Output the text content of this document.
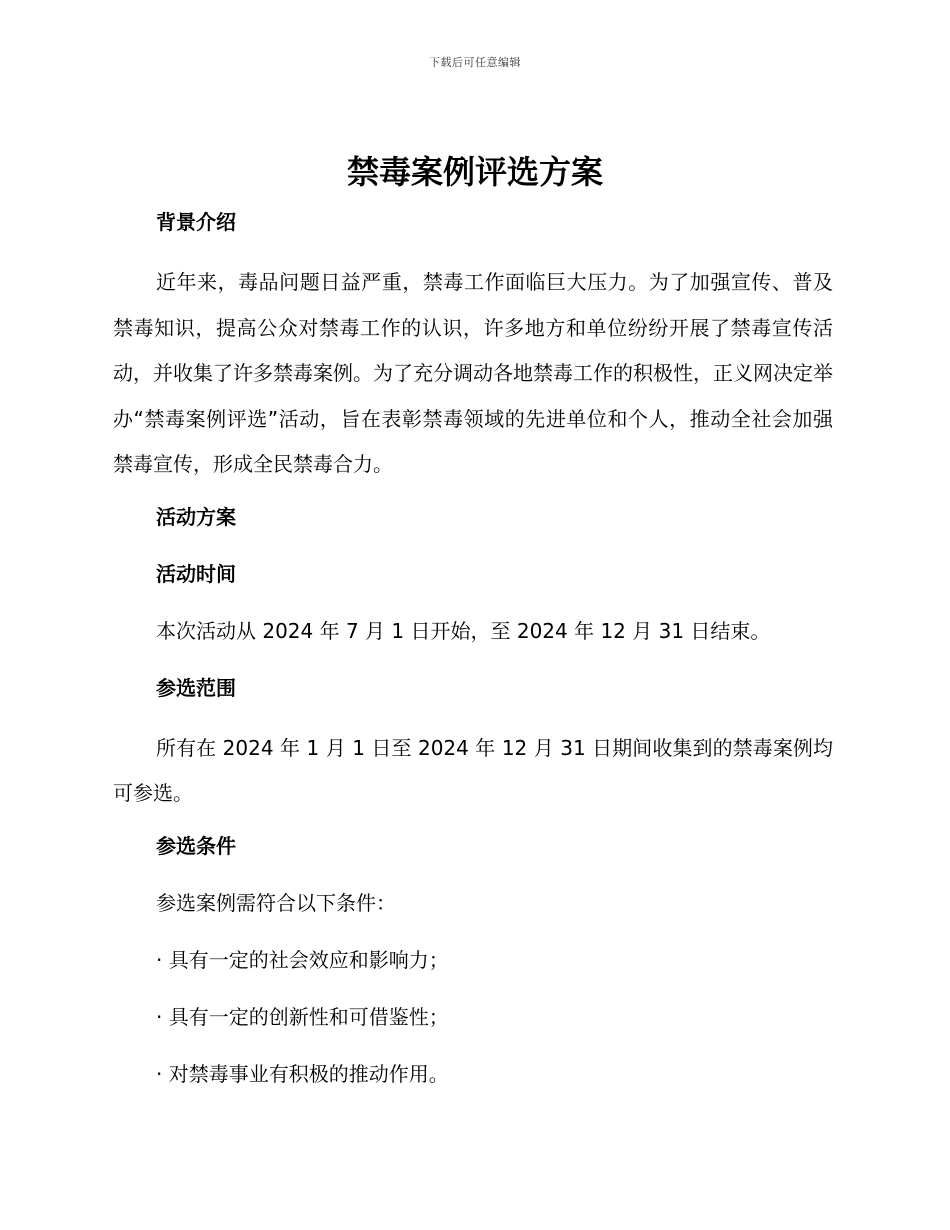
下载后可任意编辑
禁毒案例评选方案
背景介绍
近年来，毒品问题日益严重，禁毒工作面临巨大压力。为了加强宣传、普及禁毒知识，提高公众对禁毒工作的认识，许多地方和单位纷纷开展了禁毒宣传活动，并收集了许多禁毒案例。为了充分调动各地禁毒工作的积极性，正义网决定举办“禁毒案例评选”活动，旨在表彰禁毒领域的先进单位和个人，推动全社会加强禁毒宣传，形成全民禁毒合力。
活动方案
活动时间
本次活动从 2024 年 7 月 1 日开始，至 2024 年 12 月 31 日结束。
参选范围
所有在 2024 年 1 月 1 日至 2024 年 12 月 31 日期间收集到的禁毒案例均可参选。
参选条件
参选案例需符合以下条件：
· 具有一定的社会效应和影响力；
· 具有一定的创新性和可借鉴性；
· 对禁毒事业有积极的推动作用。
